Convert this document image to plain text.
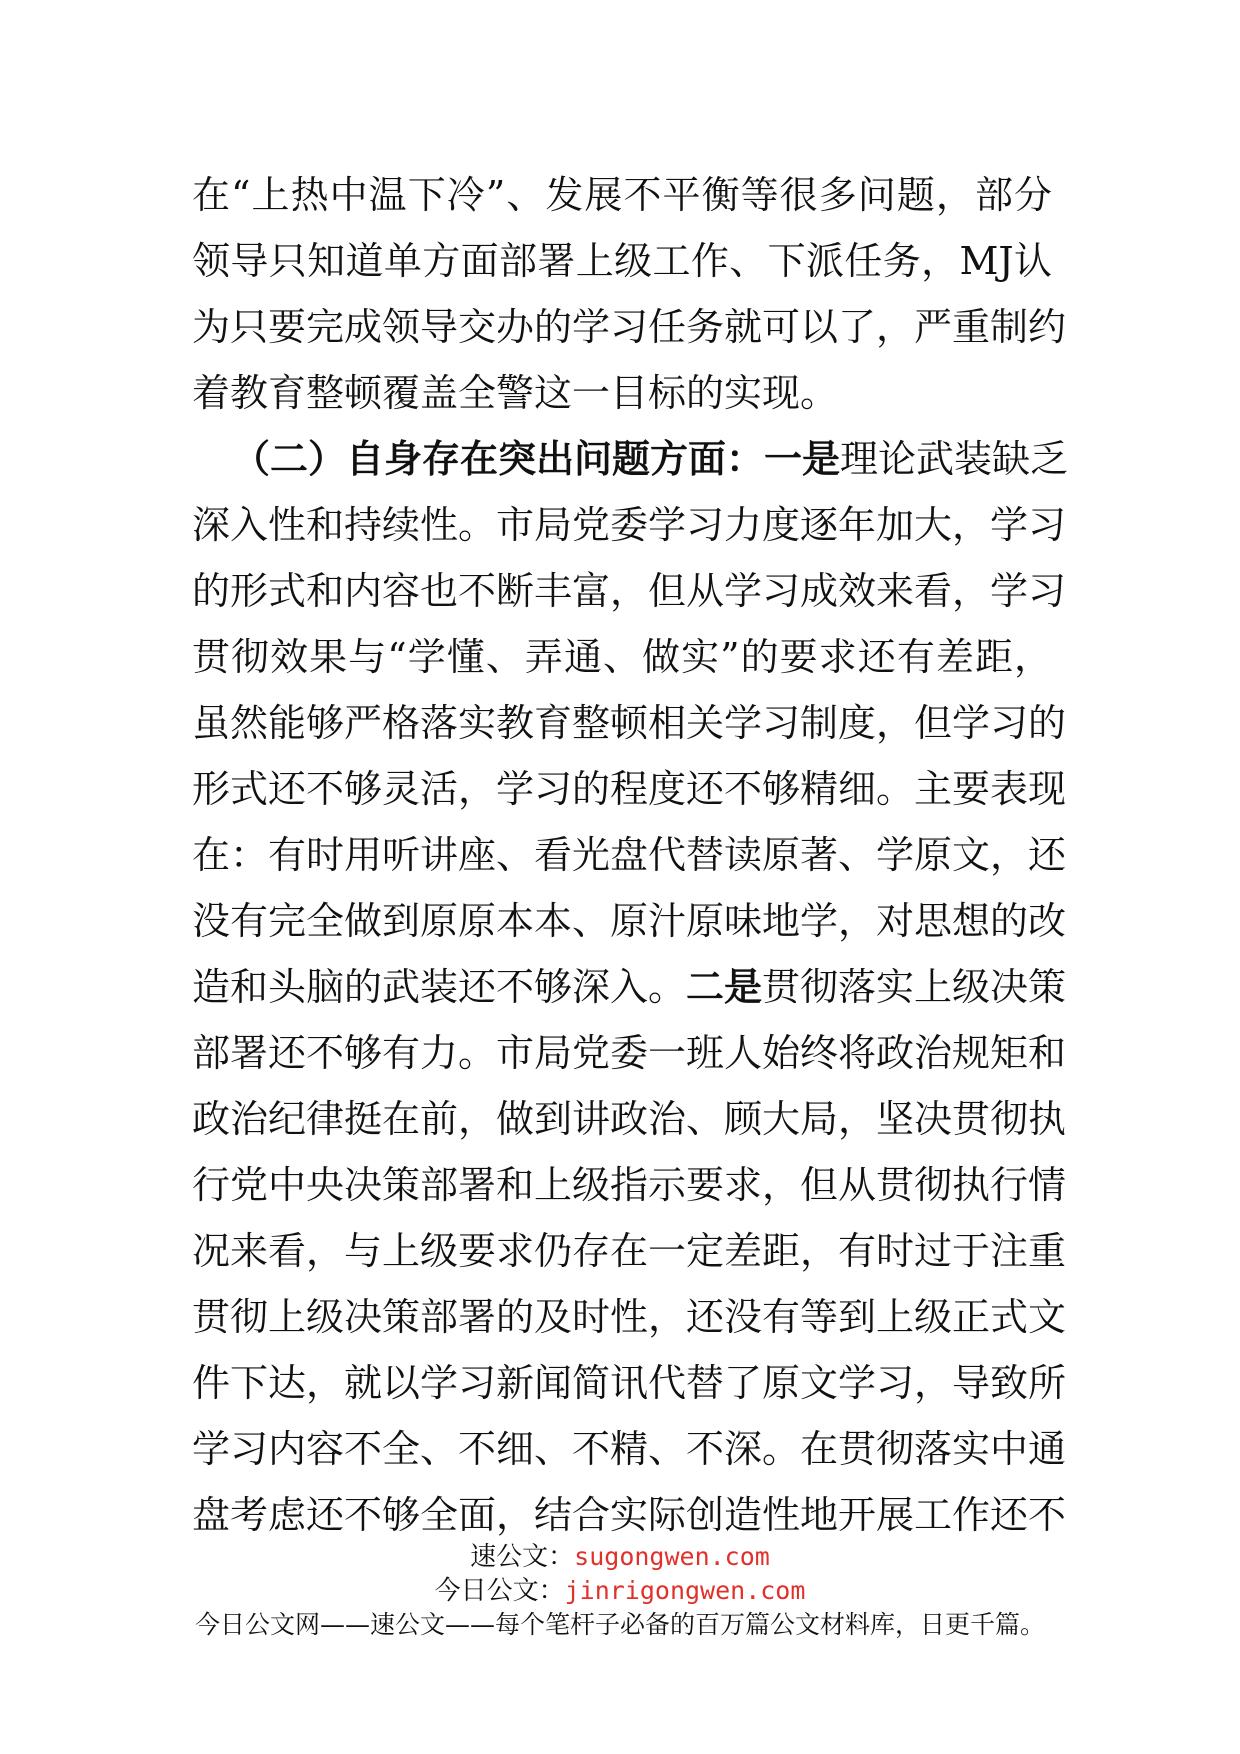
在“上热中温下冷”、发展不平衡等很多问题，部分
领导只知道单方面部署上级工作、下派任务，MJ认
为只要完成领导交办的学习任务就可以了，严重制约
着教育整顿覆盖全警这一目标的实现。
（二）自身存在突出问题方面：一是理论武装缺乏
深入性和持续性。市局党委学习力度逐年加大，学习
的形式和内容也不断丰富，但从学习成效来看，学习
贯彻效果与“学懂、弄通、做实”的要求还有差距，
虽然能够严格落实教育整顿相关学习制度，但学习的
形式还不够灵活，学习的程度还不够精细。主要表现
在：有时用听讲座、看光盘代替读原著、学原文，还
没有完全做到原原本本、原汁原味地学，对思想的改
造和头脑的武装还不够深入。二是贯彻落实上级决策
部署还不够有力。市局党委一班人始终将政治规矩和
政治纪律挺在前，做到讲政治、顾大局，坚决贯彻执
行党中央决策部署和上级指示要求，但从贯彻执行情
况来看，与上级要求仍存在一定差距，有时过于注重
贯彻上级决策部署的及时性，还没有等到上级正式文
件下达，就以学习新闻简讯代替了原文学习，导致所
学习内容不全、不细、不精、不深。在贯彻落实中通
盘考虑还不够全面，结合实际创造性地开展工作还不
速公文：sugongwen.com
今日公文：jinrigongwen.com
今日公文网——速公文——每个笔杆子必备的百万篇公文材料库，日更千篇。
